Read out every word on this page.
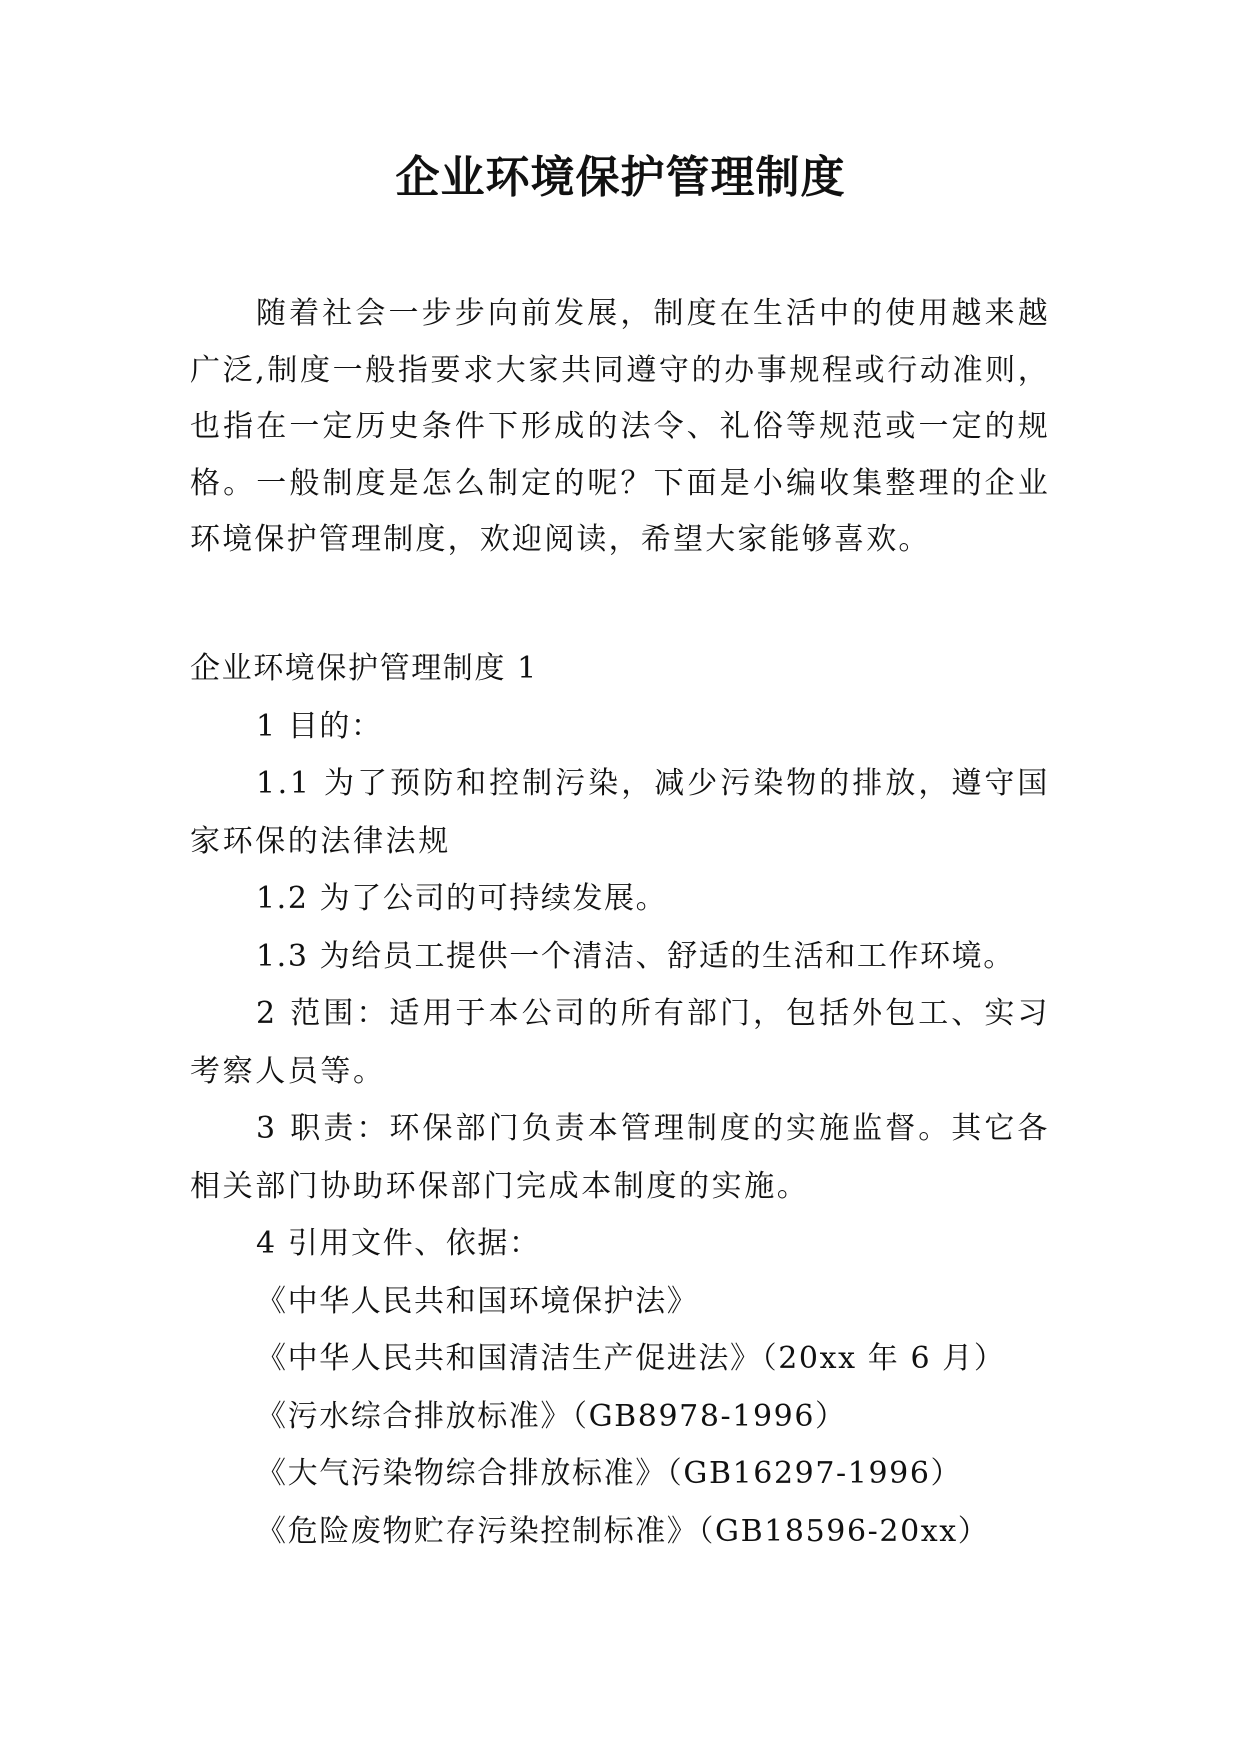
企业环境保护管理制度

随着社会一步步向前发展，制度在生活中的使用越来越广泛,制度一般指要求大家共同遵守的办事规程或行动准则，也指在一定历史条件下形成的法令、礼俗等规范或一定的规格。一般制度是怎么制定的呢？下面是小编收集整理的企业环境保护管理制度，欢迎阅读，希望大家能够喜欢。

企业环境保护管理制度 1
1 目的：

1.1 为了预防和控制污染，减少污染物的排放，遵守国家环保的法律法规

1.2 为了公司的可持续发展。
1.3 为给员工提供一个清洁、舒适的生活和工作环境。

2 范围：适用于本公司的所有部门，包括外包工、实习考察人员等。

3 职责：环保部门负责本管理制度的实施监督。其它各相关部门协助环保部门完成本制度的实施。

4 引用文件、依据：
《中华人民共和国环境保护法》
《中华人民共和国清洁生产促进法》（20xx 年 6 月）
《污水综合排放标准》（GB8978-1996）
《大气污染物综合排放标准》（GB16297-1996）
《危险废物贮存污染控制标准》（GB18596-20xx）
